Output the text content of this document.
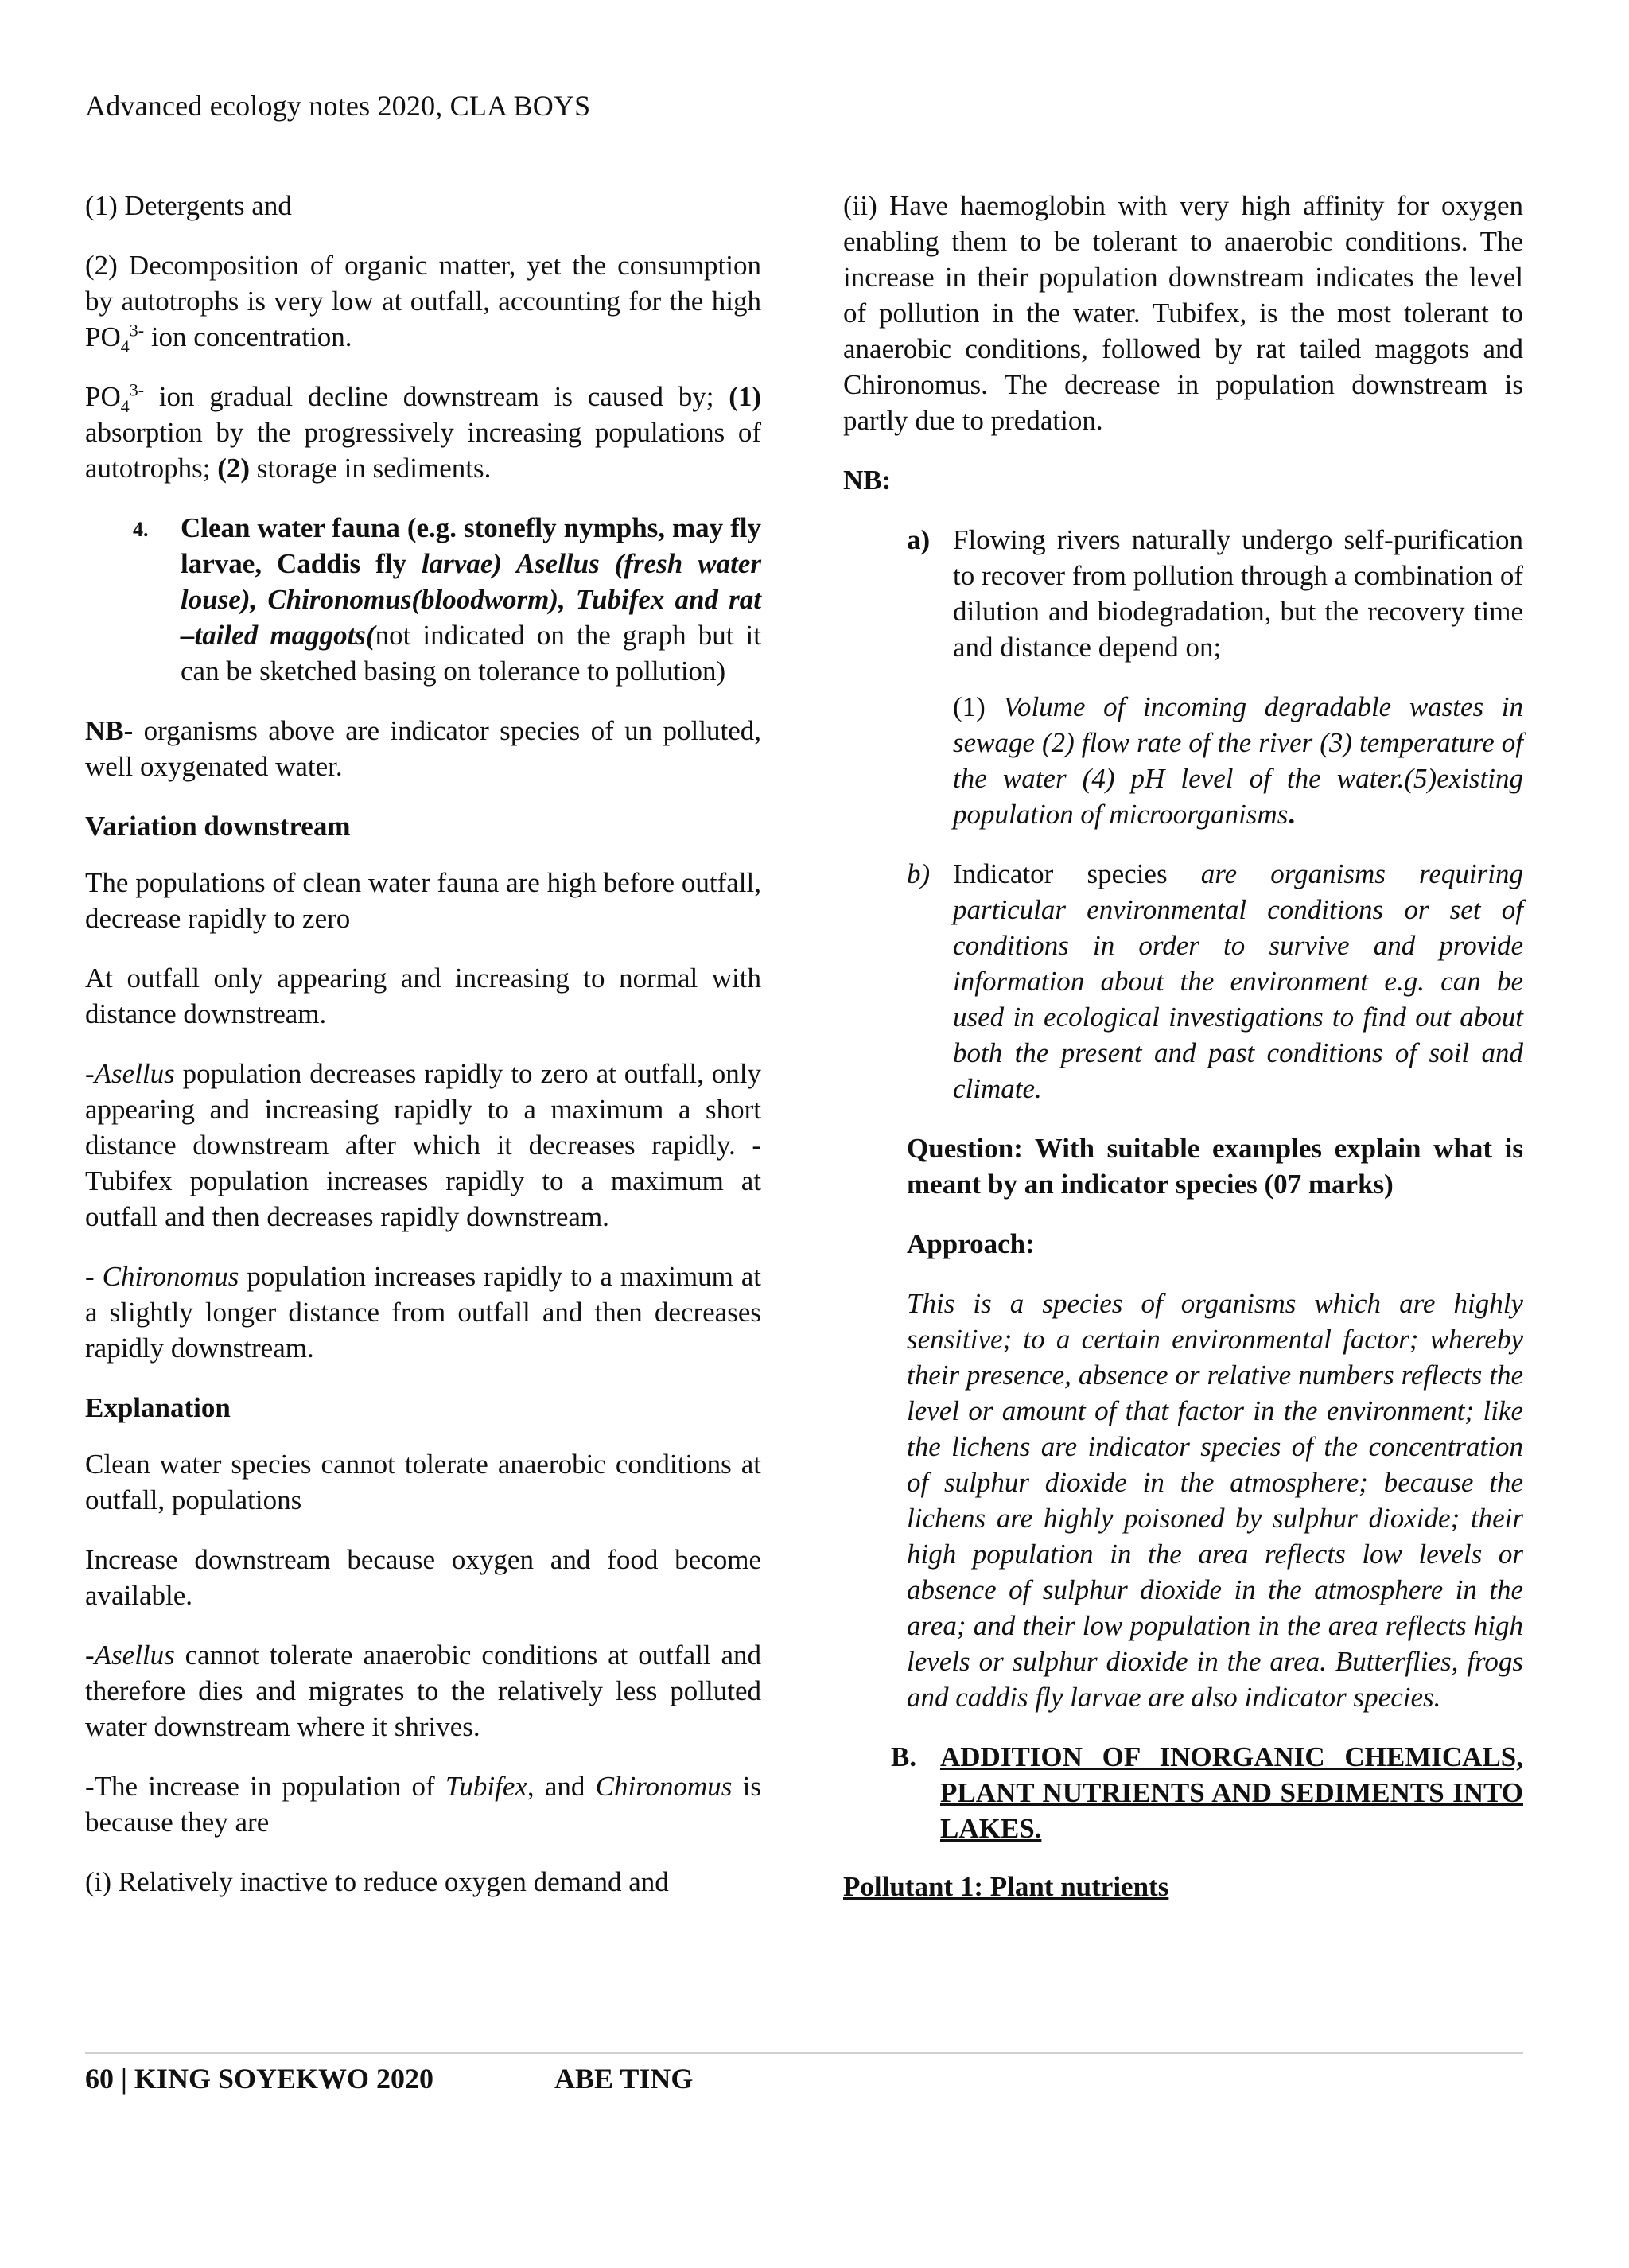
Advanced ecology notes 2020, CLA BOYS

(1) Detergents and

(2) Decomposition of organic matter, yet the consumption by autotrophs is very low at outfall, accounting for the high $PO_4^{3-}$ ion concentration.

$PO_4^{3-}$ ion gradual decline downstream is caused by; (1) absorption by the progressively increasing populations of autotrophs; (2) storage in sediments.

4. Clean water fauna (e.g. stonefly nymphs, may fly larvae, Caddis fly larvae) Asellus (fresh water louse), Chironomus(bloodworm), Tubifex and rat –tailed maggots(not indicated on the graph but it can be sketched basing on tolerance to pollution)

NB- organisms above are indicator species of un polluted, well oxygenated water.

Variation downstream

The populations of clean water fauna are high before outfall, decrease rapidly to zero

At outfall only appearing and increasing to normal with distance downstream.

-Asellus population decreases rapidly to zero at outfall, only appearing and increasing rapidly to a maximum a short distance downstream after which it decreases rapidly. -Tubifex population increases rapidly to a maximum at outfall and then decreases rapidly downstream.

- Chironomus population increases rapidly to a maximum at a slightly longer distance from outfall and then decreases rapidly downstream.

Explanation

Clean water species cannot tolerate anaerobic conditions at outfall, populations

Increase downstream because oxygen and food become available.

-Asellus cannot tolerate anaerobic conditions at outfall and therefore dies and migrates to the relatively less polluted water downstream where it shrives.

-The increase in population of Tubifex, and Chironomus is because they are

(i) Relatively inactive to reduce oxygen demand and

(ii) Have haemoglobin with very high affinity for oxygen enabling them to be tolerant to anaerobic conditions. The increase in their population downstream indicates the level of pollution in the water. Tubifex, is the most tolerant to anaerobic conditions, followed by rat tailed maggots and Chironomus. The decrease in population downstream is partly due to predation.

NB:

a) Flowing rivers naturally undergo self-purification to recover from pollution through a combination of dilution and biodegradation, but the recovery time and distance depend on;

(1) Volume of incoming degradable wastes in sewage (2) flow rate of the river (3) temperature of the water (4) pH level of the water.(5)existing population of microorganisms.

b) Indicator species are organisms requiring particular environmental conditions or set of conditions in order to survive and provide information about the environment e.g. can be used in ecological investigations to find out about both the present and past conditions of soil and climate.

Question: With suitable examples explain what is meant by an indicator species (07 marks)

Approach:

This is a species of organisms which are highly sensitive; to a certain environmental factor; whereby their presence, absence or relative numbers reflects the level or amount of that factor in the environment; like the lichens are indicator species of the concentration of sulphur dioxide in the atmosphere; because the lichens are highly poisoned by sulphur dioxide; their high population in the area reflects low levels or absence of sulphur dioxide in the atmosphere in the area; and their low population in the area reflects high levels or sulphur dioxide in the area. Butterflies, frogs and caddis fly larvae are also indicator species.

B. ADDITION OF INORGANIC CHEMICALS, PLANT NUTRIENTS AND SEDIMENTS INTO LAKES.

Pollutant 1: Plant nutrients

60 | KING SOYEKWO 2020	ABE TING
